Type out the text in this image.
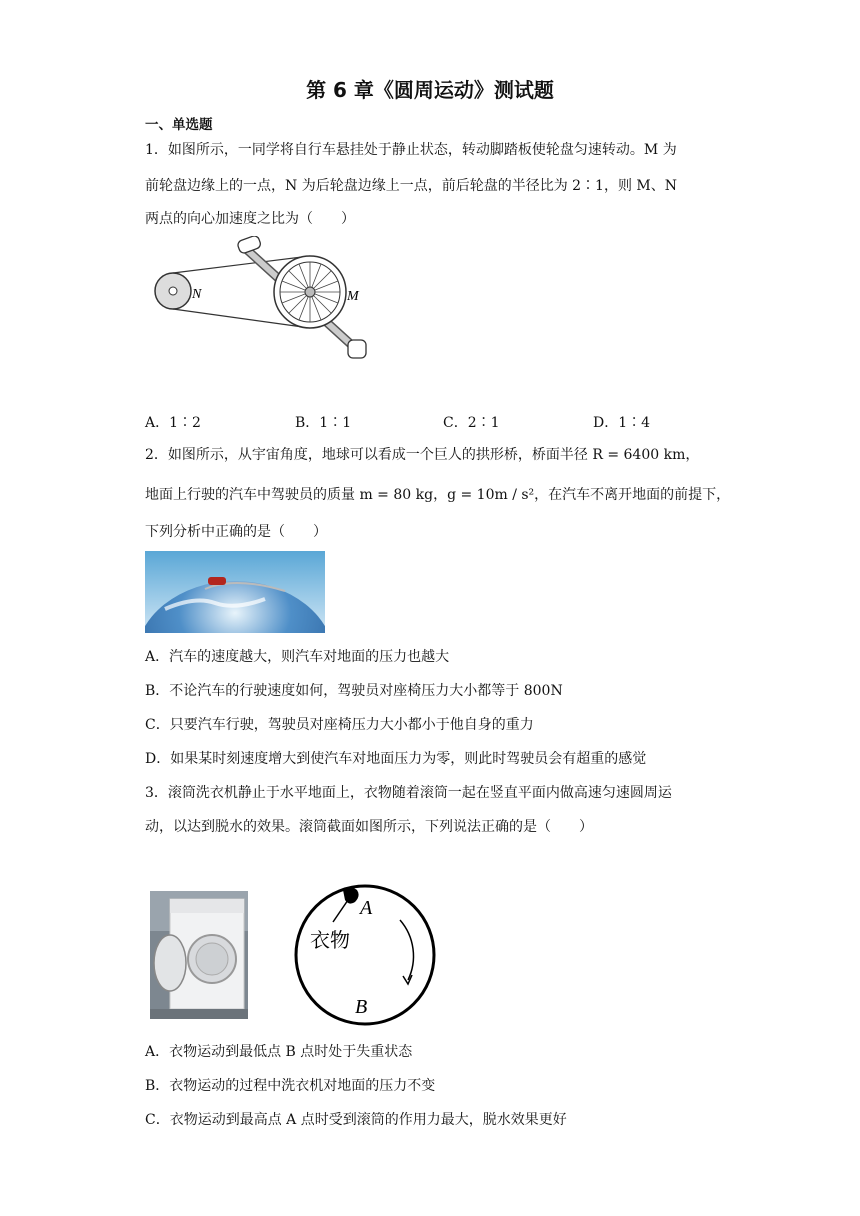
第 6 章《圆周运动》测试题
一、单选题
1．如图所示，一同学将自行车悬挂处于静止状态，转动脚踏板使轮盘匀速转动。M 为
前轮盘边缘上的一点，N 为后轮盘边缘上一点，前后轮盘的半径比为 2∶1，则 M、N
两点的向心加速度之比为（　　）
N	M
A．1∶2	B．1∶1	C．2∶1	D．1∶4
2．如图所示，从宇宙角度，地球可以看成一个巨人的拱形桥，桥面半径 R = 6400 km，
地面上行驶的汽车中驾驶员的质量 m = 80 kg，g = 10m / s²，在汽车不离开地面的前提下，
下列分析中正确的是（　　）
A．汽车的速度越大，则汽车对地面的压力也越大
B．不论汽车的行驶速度如何，驾驶员对座椅压力大小都等于 800N
C．只要汽车行驶，驾驶员对座椅压力大小都小于他自身的重力
D．如果某时刻速度增大到使汽车对地面压力为零，则此时驾驶员会有超重的感觉
3．滚筒洗衣机静止于水平地面上，衣物随着滚筒一起在竖直平面内做高速匀速圆周运
动，以达到脱水的效果。滚筒截面如图所示，下列说法正确的是（　　）
A
B
衣物
A．衣物运动到最低点 B 点时处于失重状态
B．衣物运动的过程中洗衣机对地面的压力不变
C．衣物运动到最高点 A 点时受到滚筒的作用力最大，脱水效果更好
